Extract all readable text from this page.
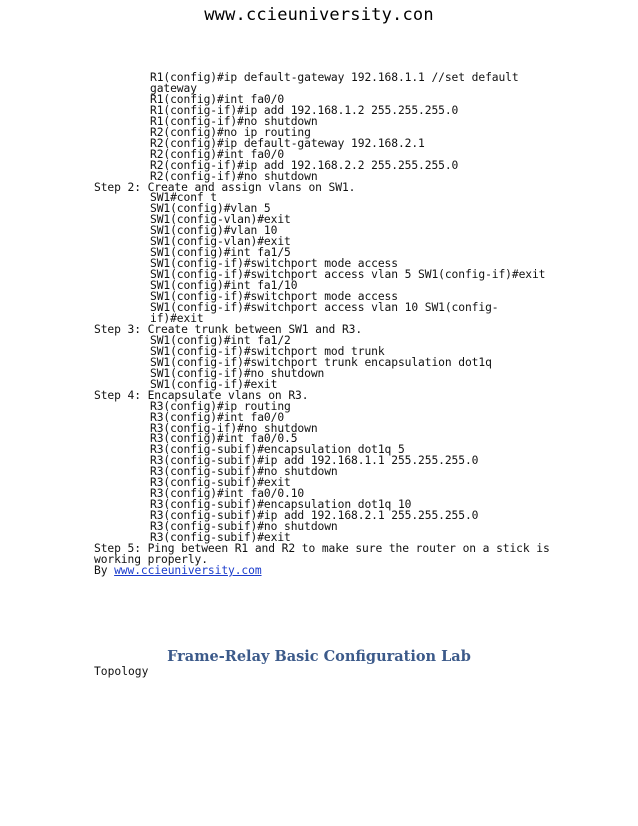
www.ccieuniversity.con
R1(config)#ip default-gateway 192.168.1.1 //set default
gateway
R1(config)#int fa0/0
R1(config-if)#ip add 192.168.1.2 255.255.255.0
R1(config-if)#no shutdown
R2(config)#no ip routing
R2(config)#ip default-gateway 192.168.2.1
R2(config)#int fa0/0
R2(config-if)#ip add 192.168.2.2 255.255.255.0
R2(config-if)#no shutdown
Step 2: Create and assign vlans on SW1.
SW1#conf t
SW1(config)#vlan 5
SW1(config-vlan)#exit
SW1(config)#vlan 10
SW1(config-vlan)#exit
SW1(config)#int fa1/5
SW1(config-if)#switchport mode access
SW1(config-if)#switchport access vlan 5 SW1(config-if)#exit
SW1(config)#int fa1/10
SW1(config-if)#switchport mode access
SW1(config-if)#switchport access vlan 10 SW1(config-
if)#exit
Step 3: Create trunk between SW1 and R3.
SW1(config)#int fa1/2
SW1(config-if)#switchport mod trunk
SW1(config-if)#switchport trunk encapsulation dot1q
SW1(config-if)#no shutdown
SW1(config-if)#exit
Step 4: Encapsulate vlans on R3.
R3(config)#ip routing
R3(config)#int fa0/0
R3(config-if)#no shutdown
R3(config)#int fa0/0.5
R3(config-subif)#encapsulation dot1q 5
R3(config-subif)#ip add 192.168.1.1 255.255.255.0
R3(config-subif)#no shutdown
R3(config-subif)#exit
R3(config)#int fa0/0.10
R3(config-subif)#encapsulation dot1q 10
R3(config-subif)#ip add 192.168.2.1 255.255.255.0
R3(config-subif)#no shutdown
R3(config-subif)#exit
Step 5: Ping between R1 and R2 to make sure the router on a stick is working properly.
By www.ccieuniversity.com
Frame-Relay Basic Configuration Lab
Topology
